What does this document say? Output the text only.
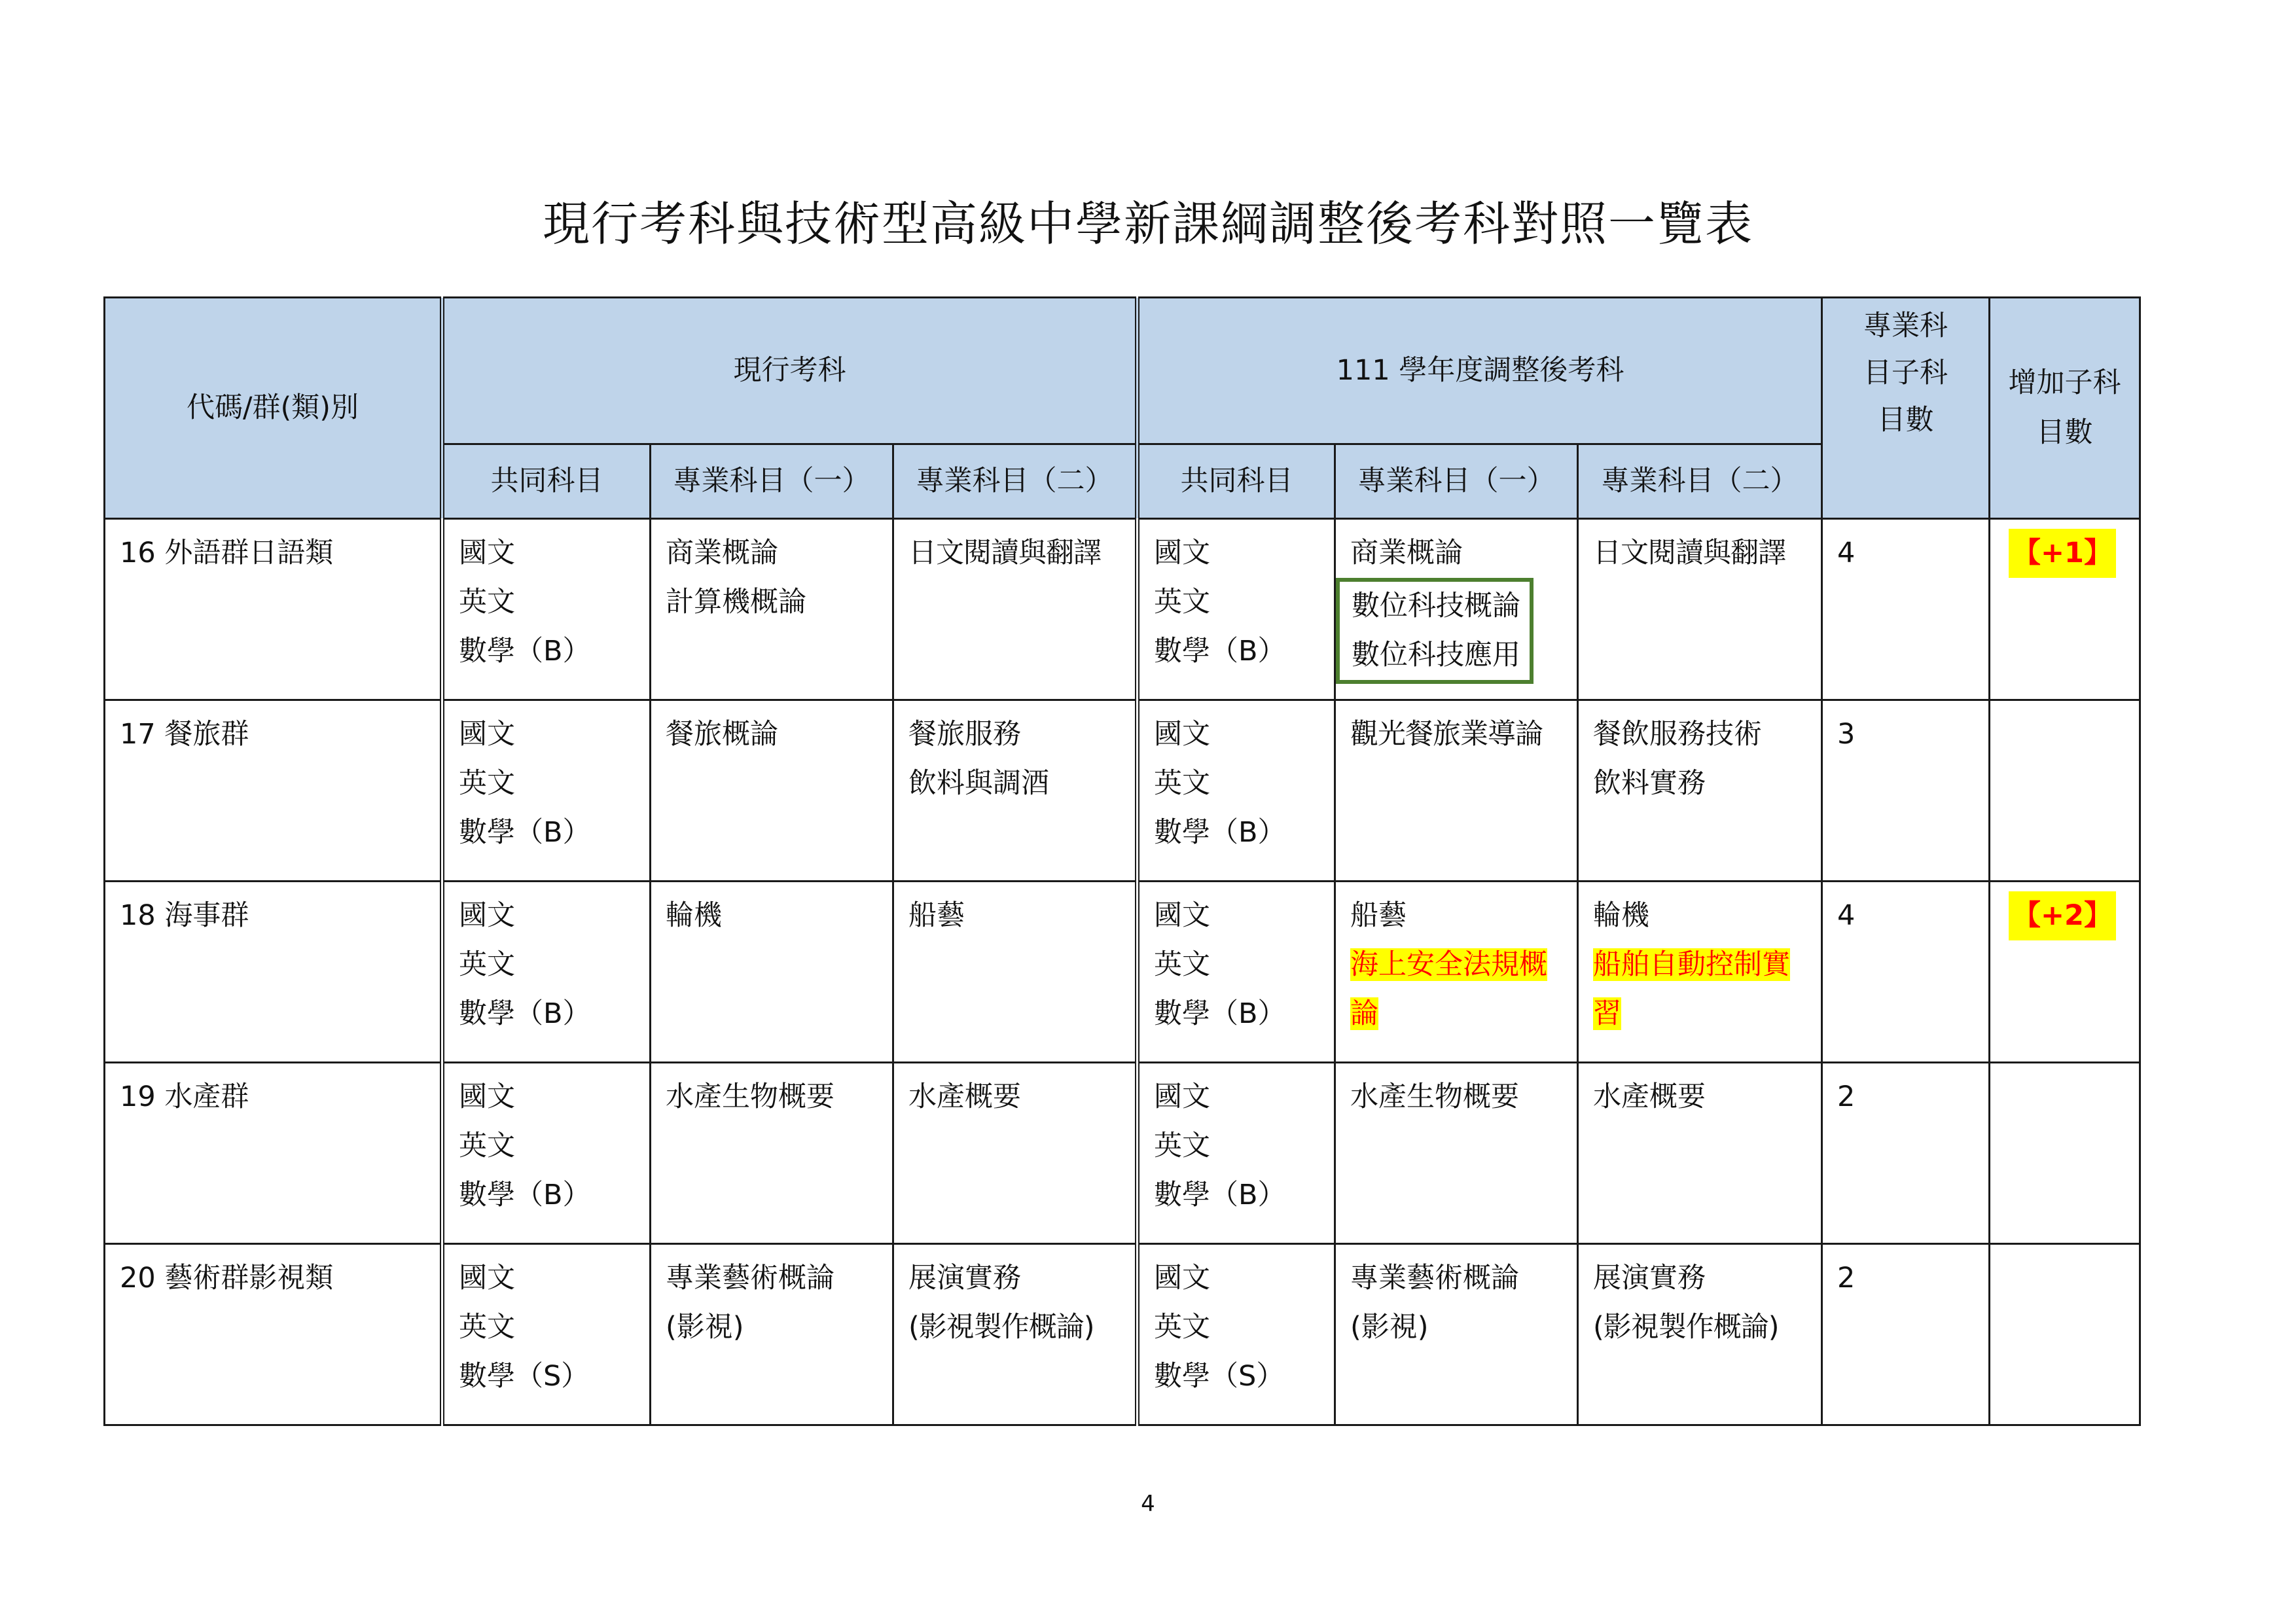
現行考科與技術型高級中學新課綱調整後考科對照一覽表
代碼/群(類)別	現行考科			111 學年度調整後考科			專業科目子科目數	增加子科目數
	共同科目	專業科目（一）	專業科目（二）	共同科目	專業科目（一）	專業科目（二）		

16 外語群日語類	國文
英文
數學（B）	商業概論
計算機概論	日文閱讀與翻譯	國文
英文
數學（B）	商業概論
數位科技概論
數位科技應用	日文閱讀與翻譯	4	【+1】

17 餐旅群	國文
英文
數學（B）	餐旅概論	餐旅服務
飲料與調酒	國文
英文
數學（B）	觀光餐旅業導論	餐飲服務技術
飲料實務	3	

18 海事群	國文
英文
數學（B）	輪機	船藝	國文
英文
數學（B）	船藝
海上安全法規概論	輪機
船舶自動控制實習	4	【+2】

19 水產群	國文
英文
數學（B）	水產生物概要	水產概要	國文
英文
數學（B）	水產生物概要	水產概要	2	

20 藝術群影視類	國文
英文
數學（S）	專業藝術概論
(影視)	展演實務
(影視製作概論)	國文
英文
數學（S）	專業藝術概論
(影視)	展演實務
(影視製作概論)	2	

4
